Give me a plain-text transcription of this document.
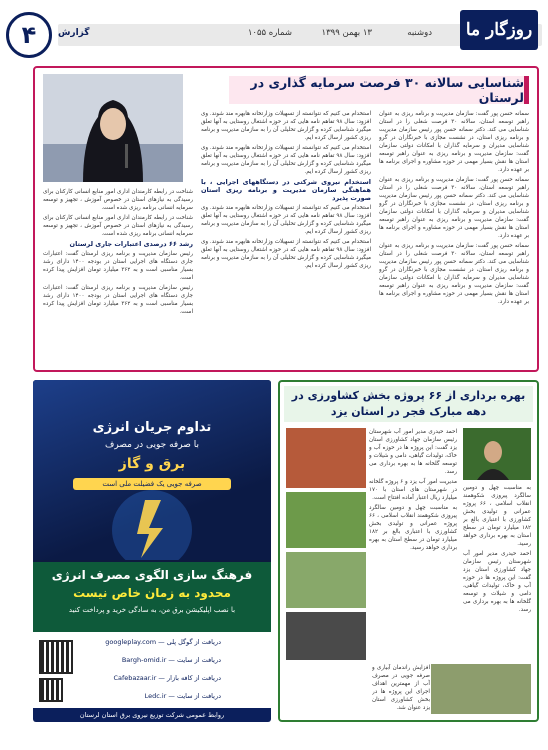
روزگار ما
دوشنبه
۱۳ بهمن ۱۳۹۹
شماره ۱۰۵۵
گزارش
۴
شناسایی سالانه ۳۰ فرصت سرمایه گذاری در لرستان

سمانه حسن پور گفت: سازمان مدیریت و برنامه ریزی به عنوان راهبر توسعه استان، سالانه ۳۰ فرصت شغلی را در استان شناسایی می کند. دکتر سمانه حسن پور رئیس سازمان مدیریت و برنامه ریزی استان، در نشست مجازی با خبرنگاران در گرو شناسایی مدیران و سرمایه گذاران با امکانات دولتی سازمان گفت: سازمان مدیریت و برنامه ریزی به عنوان راهبر توسعه استان ها نقش بسیار مهمی در حوزه مشاوره و اجرای برنامه ها بر عهده دارد.

سمانه حسن پور گفت: سازمان مدیریت و برنامه ریزی به عنوان راهبر توسعه استان، سالانه ۳۰ فرصت شغلی را در استان شناسایی می کند. دکتر سمانه حسن پور رئیس سازمان مدیریت و برنامه ریزی استان، در نشست مجازی با خبرنگاران در گرو شناسایی مدیران و سرمایه گذاران با امکانات دولتی سازمان گفت: سازمان مدیریت و برنامه ریزی به عنوان راهبر توسعه استان ها نقش بسیار مهمی در حوزه مشاوره و اجرای برنامه ها بر عهده دارد.

سمانه حسن پور گفت: سازمان مدیریت و برنامه ریزی به عنوان راهبر توسعه استان، سالانه ۳۰ فرصت شغلی را در استان شناسایی می کند. دکتر سمانه حسن پور رئیس سازمان مدیریت و برنامه ریزی استان، در نشست مجازی با خبرنگاران در گرو شناسایی مدیران و سرمایه گذاران با امکانات دولتی سازمان گفت: سازمان مدیریت و برنامه ریزی به عنوان راهبر توسعه استان ها نقش بسیار مهمی در حوزه مشاوره و اجرای برنامه ها بر عهده دارد.

استخدام می کنیم که نتوانسته از تسهیلات وزارتخانه هابهره مند شوند. وی افزود: سال ۹۸ تفاهم نامه هایی که در حوزه اشتغال روستایی به آنها تعلق میگیرد شناسایی کرده و گزارش تحلیلی آن را به سازمان مدیریت و برنامه ریزی کشور ارسال کرده ایم.

استخدام می کنیم که نتوانسته از تسهیلات وزارتخانه هابهره مند شوند. وی افزود: سال ۹۸ تفاهم نامه هایی که در حوزه اشتغال روستایی به آنها تعلق میگیرد شناسایی کرده و گزارش تحلیلی آن را به سازمان مدیریت و برنامه ریزی کشور ارسال کرده ایم.

استخدام نیروی شرکتی در دستگاههای اجرایی ، با هماهنگی سازمان مدیریت و برنامه ریزی استان صورت پذیرد

استخدام می کنیم که نتوانسته از تسهیلات وزارتخانه هابهره مند شوند. وی افزود: سال ۹۸ تفاهم نامه هایی که در حوزه اشتغال روستایی به آنها تعلق میگیرد شناسایی کرده و گزارش تحلیلی آن را به سازمان مدیریت و برنامه ریزی کشور ارسال کرده ایم.

استخدام می کنیم که نتوانسته از تسهیلات وزارتخانه هابهره مند شوند. وی افزود: سال ۹۸ تفاهم نامه هایی که در حوزه اشتغال روستایی به آنها تعلق میگیرد شناسایی کرده و گزارش تحلیلی آن را به سازمان مدیریت و برنامه ریزی کشور ارسال کرده ایم.

شناخت در رابطه کارمندان اداری امور منابع انسانی کارکنان برای رسیدگی به نیازهای استان در خصوص آموزش ، تجهیز و توسعه سرمایه انسانی برنامه ریزی شده است.

شناخت در رابطه کارمندان اداری امور منابع انسانی کارکنان برای رسیدگی به نیازهای استان در خصوص آموزش ، تجهیز و توسعه سرمایه انسانی برنامه ریزی شده است.

رشد ۶۶ درصدی اعتبارات جاری لرستان

رئیس سازمان مدیریت و برنامه ریزی لرستان گفت: اعتبارات جاری دستگاه های اجرایی استان در بودجه ۱۴۰۰ دارای رشد بسیار مناسبی است و به ۳۶۲ میلیارد تومان افزایش پیدا کرده است.

رئیس سازمان مدیریت و برنامه ریزی لرستان گفت: اعتبارات جاری دستگاه های اجرایی استان در بودجه ۱۴۰۰ دارای رشد بسیار مناسبی است و به ۳۶۲ میلیارد تومان افزایش پیدا کرده است.

تداوم جریان انرژی
با صرفه جویی در مصرف
برق و گاز
صرفه جویی یک فضیلت ملی است
فرهنگ سازی الگوی مصرف انرژی
محدود به زمان خاص نیست
با نصب اپلیکیشن برق من، به سادگی خرید و پرداخت کنید
دریافت از گوگل پلی — googleplay.com
دریافت از سایت — Bargh-omid.ir
دریافت از کافه بازار — Cafebazaar.ir
دریافت از سایت — Ledc.ir
روابط عمومی شرکت توزیع نیروی برق استان لرستان
بهره برداری از ۶۶ پروژه بخش کشاورزی در دهه مبارک فجر در استان یزد

به مناسبت چهل و دومین سالگرد پیروزی شکوهمند انقلاب اسلامی ، ۶۶ پروژه عمرانی و تولیدی بخش کشاورزی با اعتباری بالغ بر ۱۸۲ میلیارد تومان در سطح استان به بهره برداری خواهد رسید.

احمد حیدری مدیر امور آب شهرستان رئیس سازمان جهاد کشاورزی استان یزد گفت: این پروژه ها در حوزه آب و خاک، تولیدات گیاهی، دامی و شیلات و توسعه گلخانه ها به بهره برداری می رسد.

احمد حیدری مدیر امور آب شهرستان رئیس سازمان جهاد کشاورزی استان یزد گفت: این پروژه ها در حوزه آب و خاک، تولیدات گیاهی، دامی و شیلات و توسعه گلخانه ها به بهره برداری می رسد.

مدیریت امور آب یزد و ۶ پروژه گلخانه در شهرستان های استان با ۱۷۰ میلیارد ریال اعتبار آماده افتتاح است.

به مناسبت چهل و دومین سالگرد پیروزی شکوهمند انقلاب اسلامی ، ۶۶ پروژه عمرانی و تولیدی بخش کشاورزی با اعتباری بالغ بر ۱۸۲ میلیارد تومان در سطح استان به بهره برداری خواهد رسید.

افزایش راندمان آبیاری و صرفه جویی در مصرف آب از مهمترین اهداف اجرای این پروژه ها در بخش کشاورزی استان یزد عنوان شد.
